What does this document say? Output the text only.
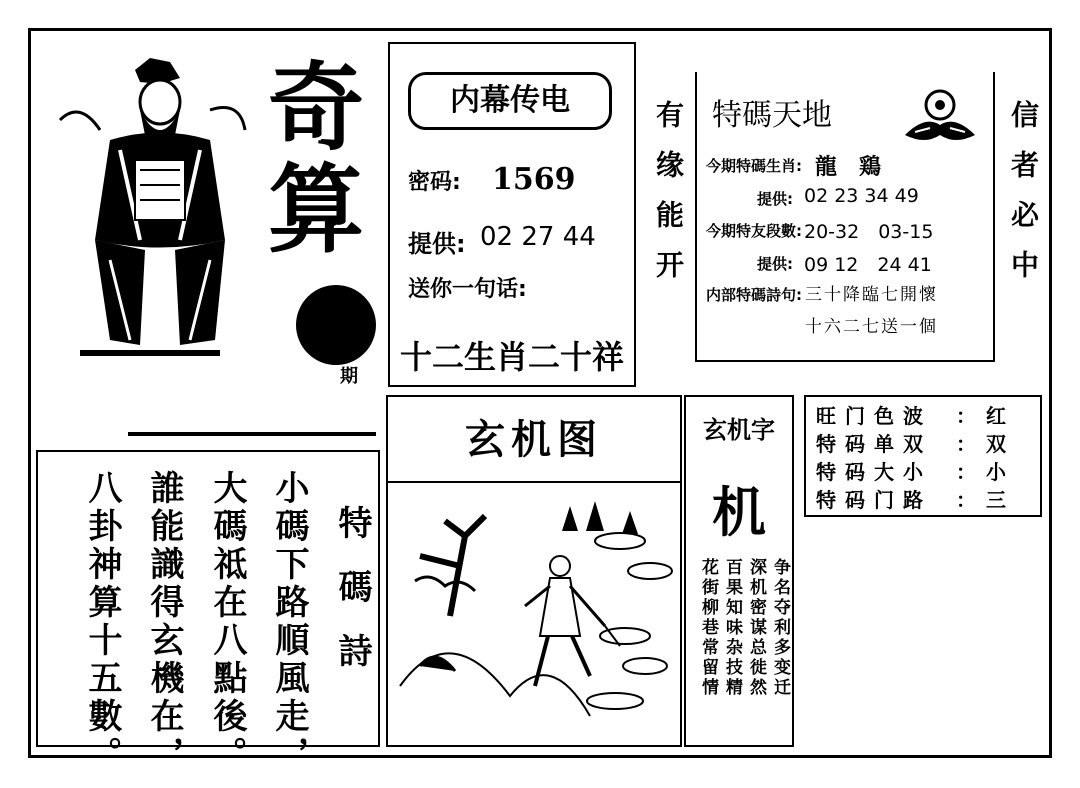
奇
算
期
内幕传电
密码: 1569
提供: 02 27 44
送你一句话:
十二生肖二十祥
有缘能开	信者必中
特碼天地
今期特碼生肖: 龍　鶏
提供: 02 23 34 49
今期特友段數: 20-32　03-15
提供: 09 12　24 41
内部特碼詩句: 三十降臨七開懷
十六二七送一個
旺门色波	： 红
特码单双	： 双
特码大小	： 小
特码门路	： 三
特碼詩
小碼下路順風走，
大碼祗在八點後。
誰能識得玄機在，
八卦神算十五數。
玄机图	玄机字
机
争名夺利多变迁
深机密谋总徙然
百果知味杂技精
花街柳巷常留情
